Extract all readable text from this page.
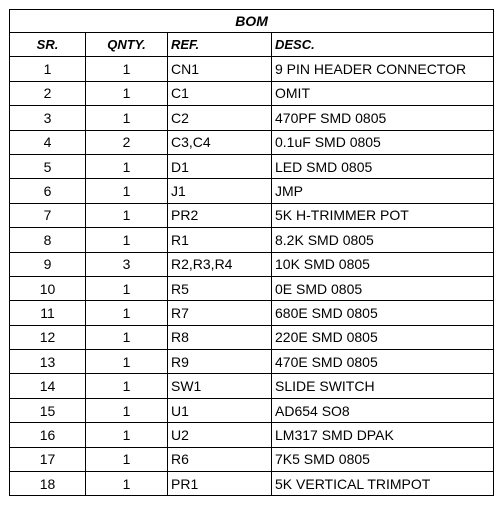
BOM			
SR.	QNTY.	REF.	DESC.
1	1	CN1	9 PIN HEADER CONNECTOR
2	1	C1	OMIT
3	1	C2	470PF SMD 0805
4	2	C3,C4	0.1uF SMD 0805
5	1	D1	LED SMD 0805
6	1	J1	JMP
7	1	PR2	5K H-TRIMMER POT
8	1	R1	8.2K SMD 0805
9	3	R2,R3,R4	10K SMD 0805
10	1	R5	0E SMD 0805
11	1	R7	680E SMD 0805
12	1	R8	220E SMD 0805
13	1	R9	470E SMD 0805
14	1	SW1	SLIDE SWITCH
15	1	U1	AD654 SO8
16	1	U2	LM317 SMD DPAK
17	1	R6	7K5 SMD 0805
18	1	PR1	5K VERTICAL TRIMPOT
